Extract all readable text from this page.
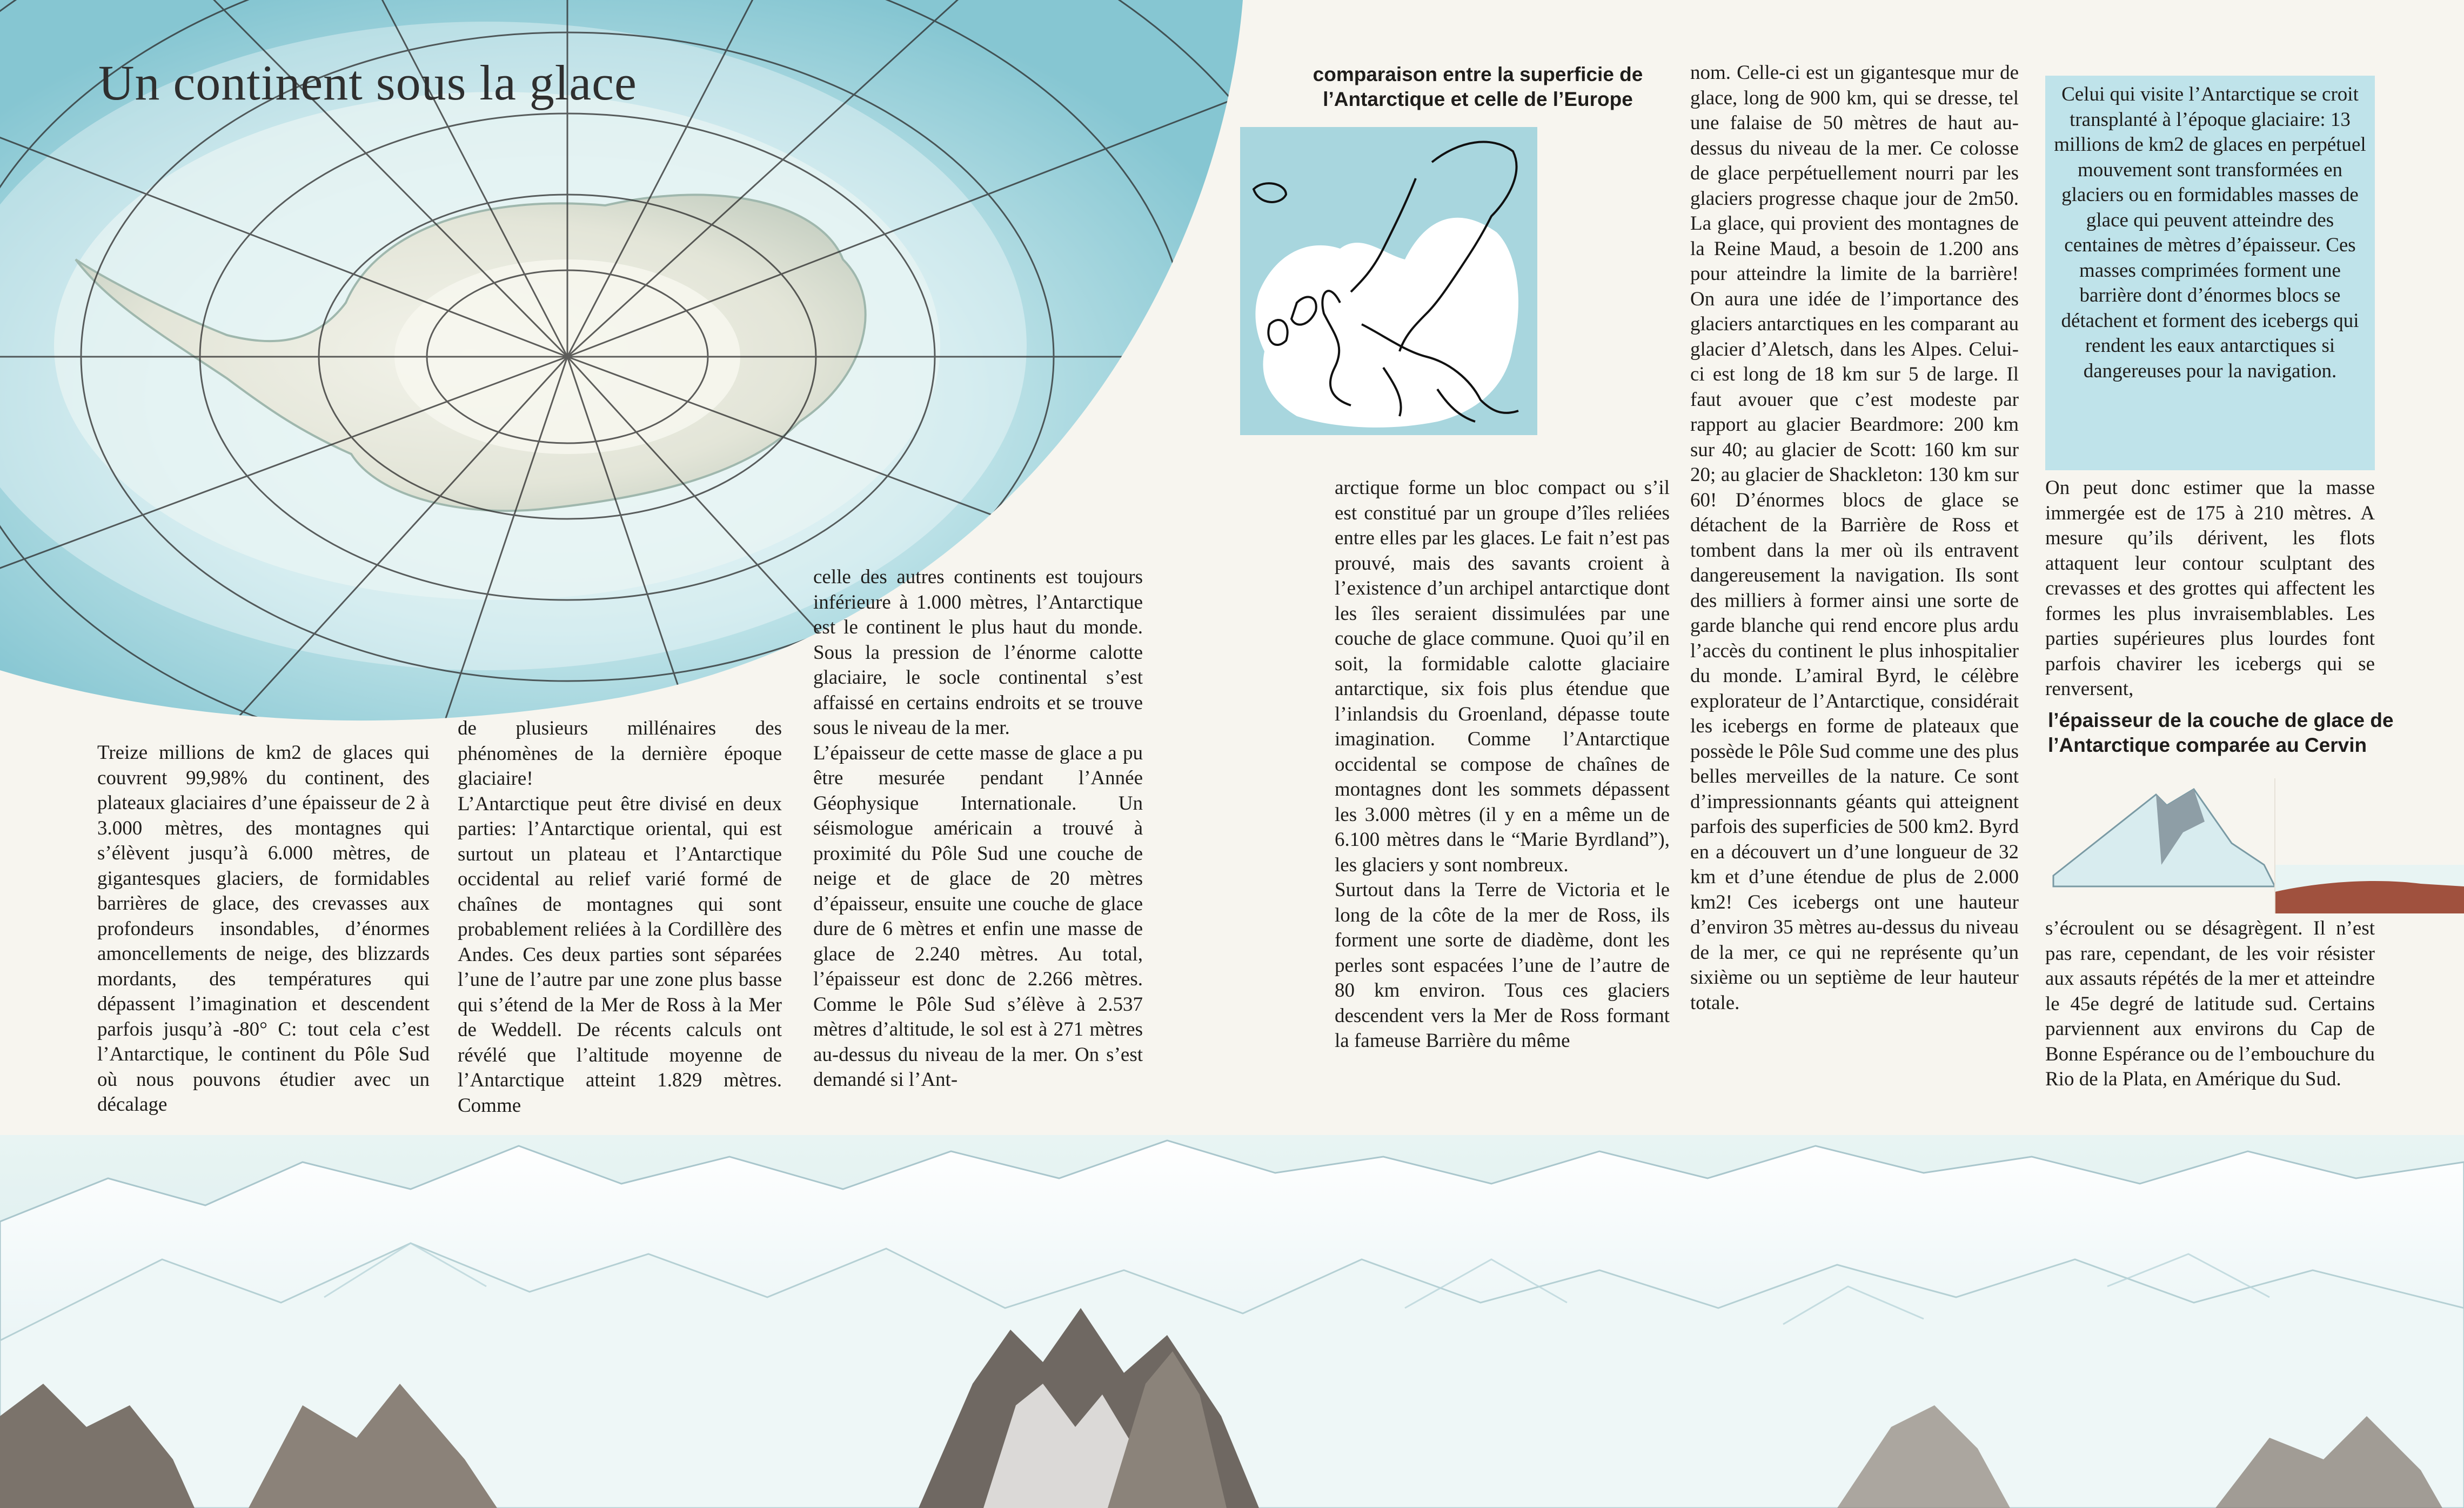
Un continent sous la glace

Treize millions de km2 de glaces qui couvrent 99,98% du continent, des plateaux glaciaires d’une épaisseur de 2 à 3.000 mètres, des montagnes qui s’élèvent jusqu’à 6.000 mètres, de gigantesques glaciers, de formidables barrières de glace, des crevasses aux profondeurs insondables, d’énormes amoncellements de neige, des blizzards mordants, des températures qui dépassent l’imagination et descendent parfois jusqu’à -80° C: tout cela c’est l’Antarctique, le continent du Pôle Sud où nous pouvons étudier avec un décalage

de plusieurs millénaires des phénomènes de la dernière époque glaciaire!

L’Antarctique peut être divisé en deux parties: l’Antarctique oriental, qui est surtout un plateau et l’Antarctique occidental au relief varié formé de chaînes de montagnes qui sont probablement reliées à la Cordillère des Andes. Ces deux parties sont séparées l’une de l’autre par une zone plus basse qui s’étend de la Mer de Ross à la Mer de Weddell. De récents calculs ont révélé que l’altitude moyenne de l’Antarctique atteint 1.829 mètres. Comme

celle des autres continents est toujours inférieure à 1.000 mètres, l’Antarctique est le continent le plus haut du monde. Sous la pression de l’énorme calotte glaciaire, le socle continental s’est affaissé en certains endroits et se trouve sous le niveau de la mer.

L’épaisseur de cette masse de glace a pu être mesurée pendant l’Année Géophysique Internationale. Un séismologue américain a trouvé à proximité du Pôle Sud une couche de neige et de glace de 20 mètres d’épaisseur, ensuite une couche de glace dure de 6 mètres et enfin une masse de glace de 2.240 mètres. Au total, l’épaisseur est donc de 2.266 mètres. Comme le Pôle Sud s’élève à 2.537 mètres d’altitude, le sol est à 271 mètres au-dessus du niveau de la mer. On s’est demandé si l’Ant-

comparaison entre la superficie de l’Antarctique et celle de l’Europe

arctique forme un bloc compact ou s’il est constitué par un groupe d’îles reliées entre elles par les glaces. Le fait n’est pas prouvé, mais des savants croient à l’existence d’un archipel antarctique dont les îles seraient dissimulées par une couche de glace commune. Quoi qu’il en soit, la formidable calotte glaciaire antarctique, six fois plus étendue que l’inlandsis du Groenland, dépasse toute imagination. Comme l’Antarctique occidental se compose de chaînes de montagnes dont les sommets dépassent les 3.000 mètres (il y en a même un de 6.100 mètres dans le “Marie Byrdland”), les glaciers y sont nombreux.

Surtout dans la Terre de Victoria et le long de la côte de la mer de Ross, ils forment une sorte de diadème, dont les perles sont espacées l’une de l’autre de 80 km environ. Tous ces glaciers descendent vers la Mer de Ross formant la fameuse Barrière du même

nom. Celle-ci est un gigantesque mur de glace, long de 900 km, qui se dresse, tel une falaise de 50 mètres de haut au-dessus du niveau de la mer. Ce colosse de glace perpétuellement nourri par les glaciers progresse chaque jour de 2m50. La glace, qui provient des montagnes de la Reine Maud, a besoin de 1.200 ans pour atteindre la limite de la barrière! On aura une idée de l’importance des glaciers antarctiques en les comparant au glacier d’Aletsch, dans les Alpes. Celui-ci est long de 18 km sur 5 de large. Il faut avouer que c’est modeste par rapport au glacier Beardmore: 200 km sur 40; au glacier de Scott: 160 km sur 20; au glacier de Shackleton: 130 km sur 60! D’énormes blocs de glace se détachent de la Barrière de Ross et tombent dans la mer où ils entravent dangereusement la navigation. Ils sont des milliers à former ainsi une sorte de garde blanche qui rend encore plus ardu l’accès du continent le plus inhospitalier du monde. L’amiral Byrd, le célèbre explorateur de l’Antarctique, considérait les icebergs en forme de plateaux que possède le Pôle Sud comme une des plus belles merveilles de la nature. Ce sont d’impressionnants géants qui atteignent parfois des superficies de 500 km2. Byrd en a découvert un d’une longueur de 32 km et d’une étendue de plus de 2.000 km2! Ces icebergs ont une hauteur d’environ 35 mètres au-dessus du niveau de la mer, ce qui ne représente qu’un sixième ou un septième de leur hauteur totale.

Celui qui visite l’Antarctique se croit transplanté à l’époque glaciaire: 13 millions de km2 de glaces en perpétuel mouvement sont transformées en glaciers ou en formidables masses de glace qui peuvent atteindre des centaines de mètres d’épaisseur. Ces masses comprimées forment une barrière dont d’énormes blocs se détachent et forment des icebergs qui rendent les eaux antarctiques si dangereuses pour la navigation.

On peut donc estimer que la masse immergée est de 175 à 210 mètres. A mesure qu’ils dérivent, les flots attaquent leur contour sculptant des crevasses et des grottes qui affectent les formes les plus invraisemblables. Les parties supérieures plus lourdes font parfois chavirer les icebergs qui se renversent,

l’épaisseur de la couche de glace de l’Antarctique comparée au Cervin

s’écroulent ou se désagrègent. Il n’est pas rare, cependant, de les voir résister aux assauts répétés de la mer et atteindre le 45e degré de latitude sud. Certains parviennent aux environs du Cap de Bonne Espérance ou de l’embouchure du Rio de la Plata, en Amérique du Sud.
